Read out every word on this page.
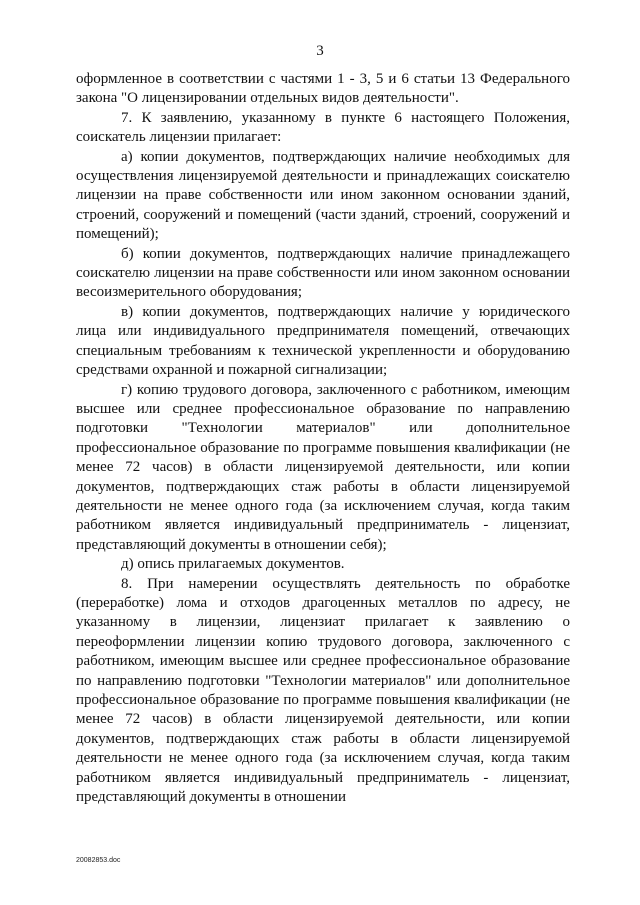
3

оформленное в соответствии с частями 1 - 3, 5 и 6 статьи 13 Федерального закона "О лицензировании отдельных видов деятельности".

7. К заявлению, указанному в пункте 6 настоящего Положения, соискатель лицензии прилагает:

а) копии документов, подтверждающих наличие необходимых для осуществления лицензируемой деятельности и принадлежащих соискателю лицензии на праве собственности или ином законном основании зданий, строений, сооружений и помещений (части зданий, строений, сооружений и помещений);

б) копии документов, подтверждающих наличие принадлежащего соискателю лицензии на праве собственности или ином законном основании весоизмерительного оборудования;

в) копии документов, подтверждающих наличие у юридического лица или индивидуального предпринимателя помещений, отвечающих специальным требованиям к технической укрепленности и оборудованию средствами охранной и пожарной сигнализации;

г) копию трудового договора, заключенного с работником, имеющим высшее или среднее профессиональное образование по направлению подготовки "Технологии материалов" или дополнительное профессиональное образование по программе повышения квалификации (не менее 72 часов) в области лицензируемой деятельности, или копии документов, подтверждающих стаж работы в области лицензируемой деятельности не менее одного года (за исключением случая, когда таким работником является индивидуальный предприниматель - лицензиат, представляющий документы в отношении себя);

д) опись прилагаемых документов.

8. При намерении осуществлять деятельность по обработке (переработке) лома и отходов драгоценных металлов по адресу, не указанному в лицензии, лицензиат прилагает к заявлению о переоформлении лицензии копию трудового договора, заключенного с работником, имеющим высшее или среднее профессиональное образование по направлению подготовки "Технологии материалов" или дополнительное профессиональное образование по программе повышения квалификации (не менее 72 часов) в области лицензируемой деятельности, или копии документов, подтверждающих стаж работы в области лицензируемой деятельности не менее одного года (за исключением случая, когда таким работником является индивидуальный предприниматель - лицензиат, представляющий документы в отношении

20082853.doc
